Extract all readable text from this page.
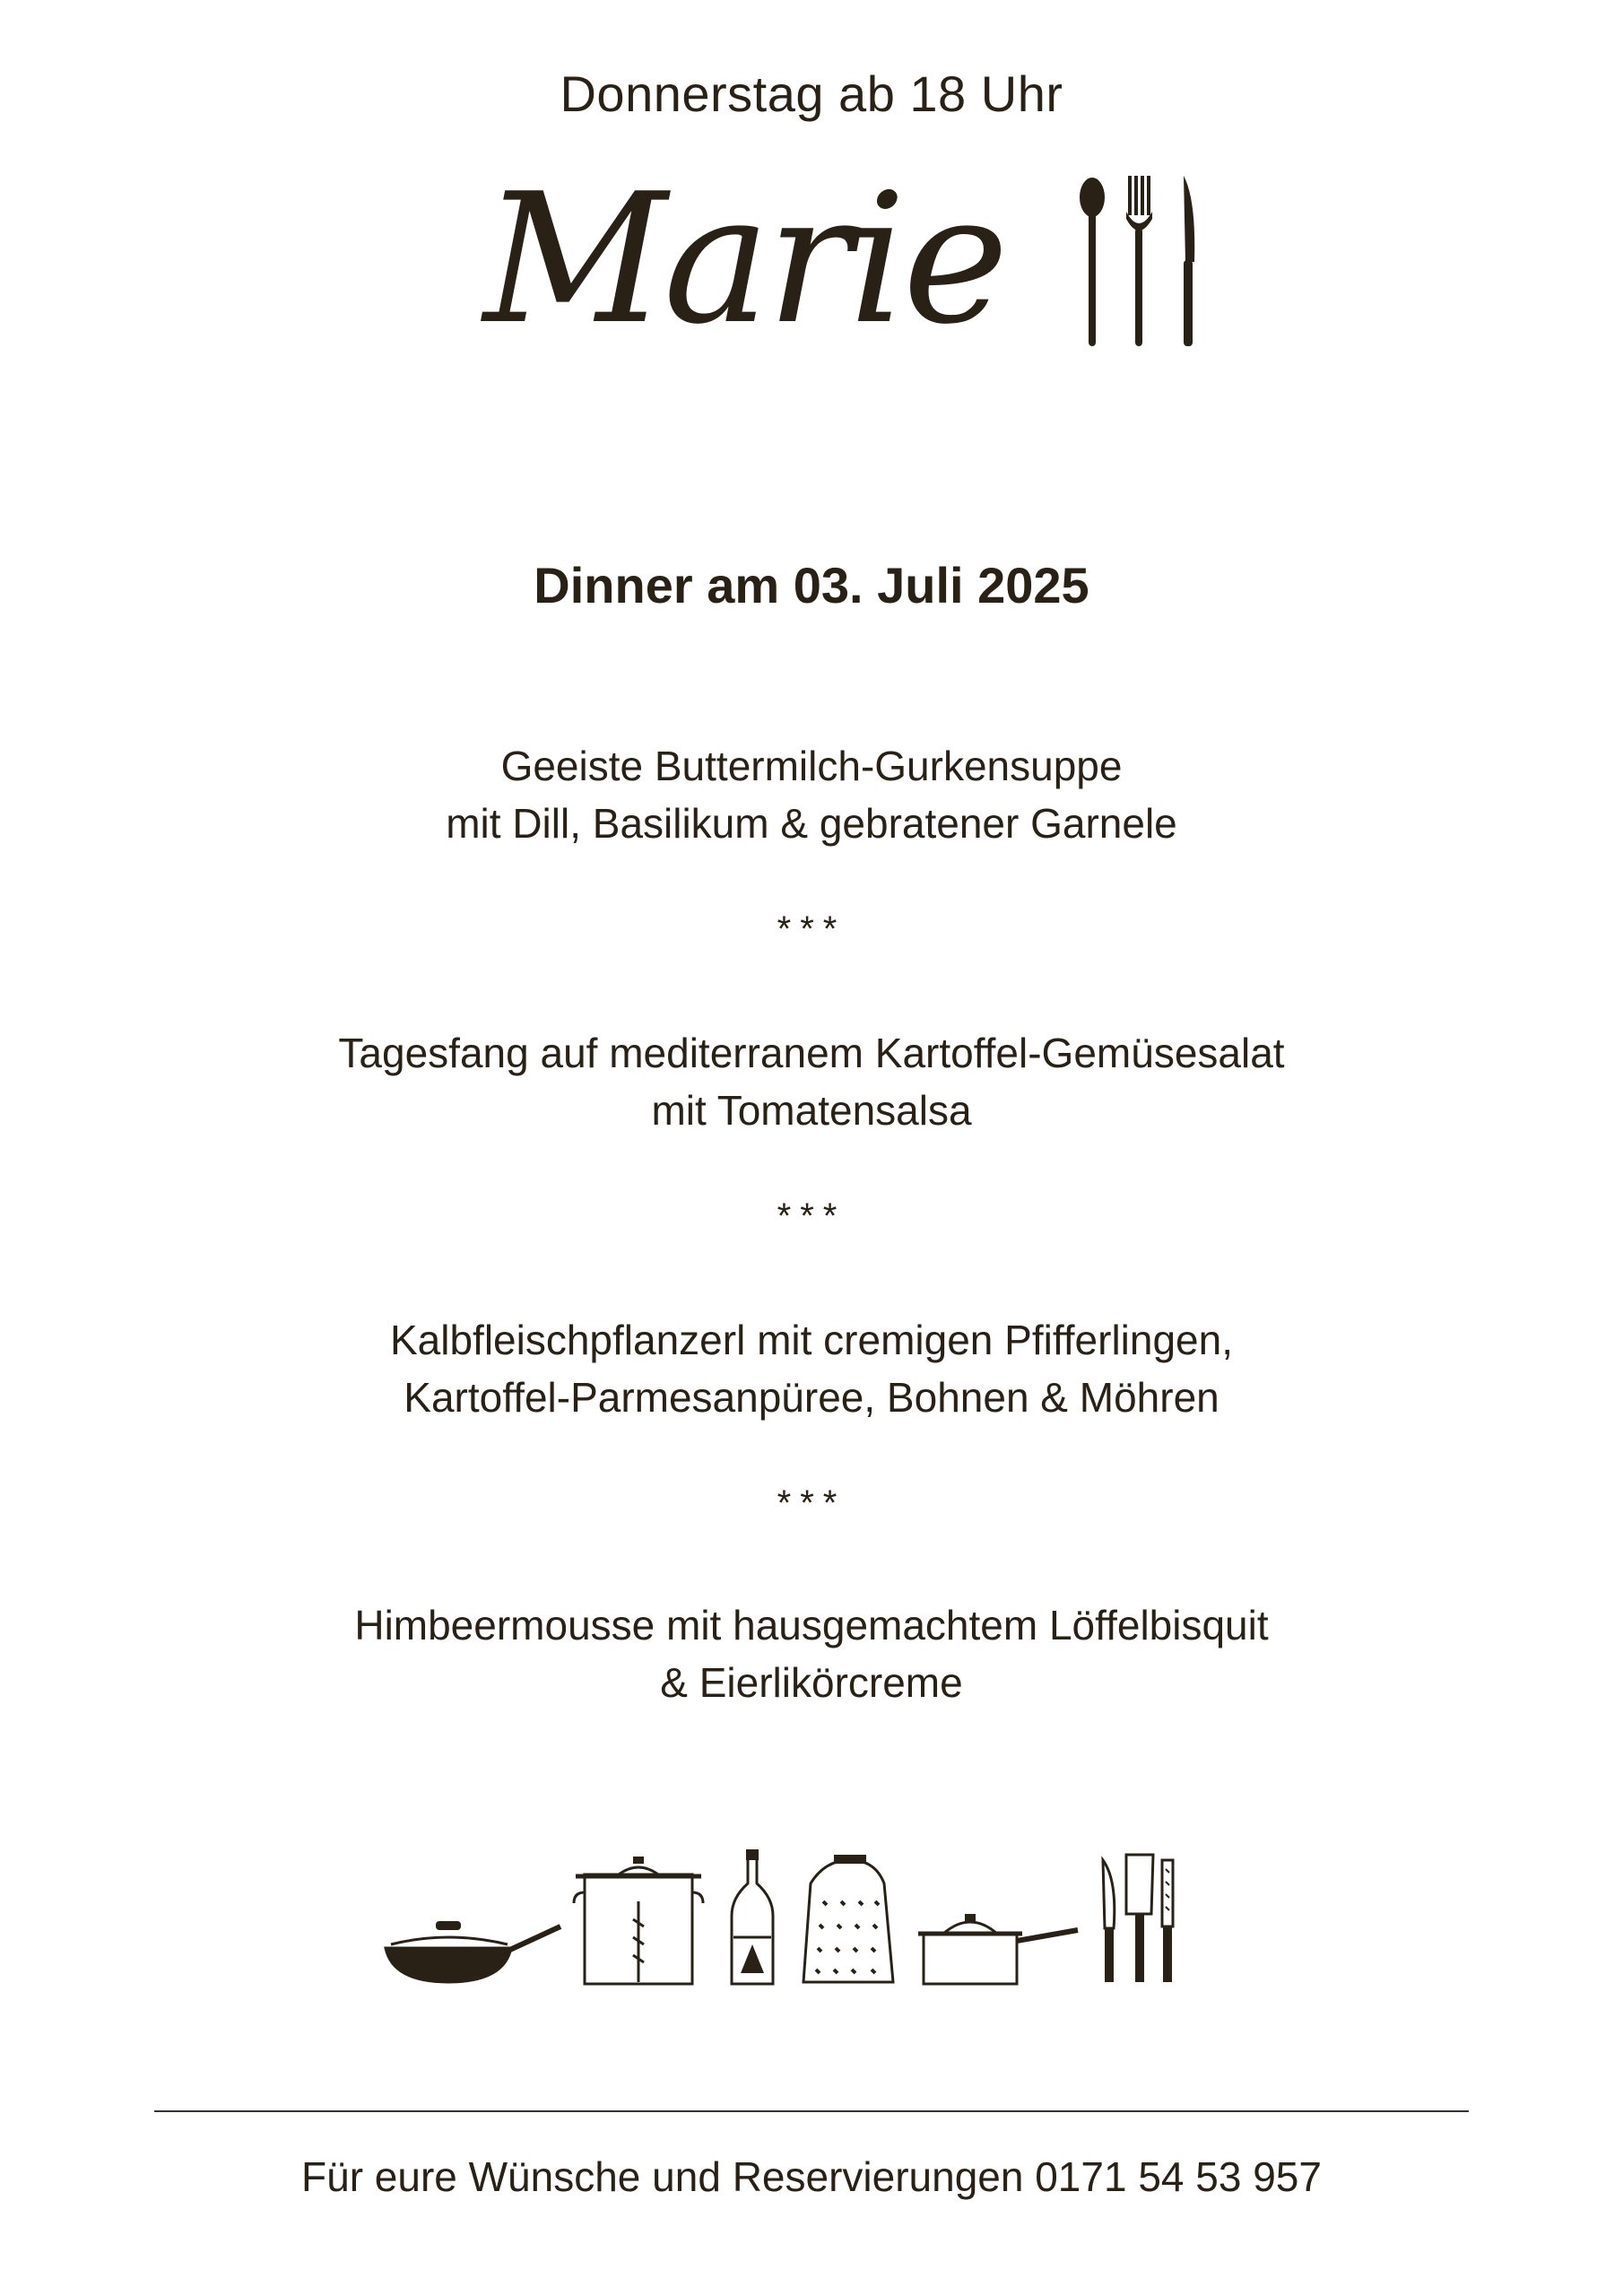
Donnerstag ab 18 Uhr
Marie
Dinner am 03. Juli 2025
Geeiste Buttermilch-Gurkensuppe
mit Dill, Basilikum & gebratener Garnele
***
Tagesfang auf mediterranem Kartoffel-Gemüsesalat
mit Tomatensalsa
***
Kalbfleischpflanzerl mit cremigen Pfifferlingen,
Kartoffel-Parmesanpüree, Bohnen & Möhren
***
Himbeermousse mit hausgemachtem Löffelbisquit
& Eierlikörcreme
Für eure Wünsche und Reservierungen 0171 54 53 957
